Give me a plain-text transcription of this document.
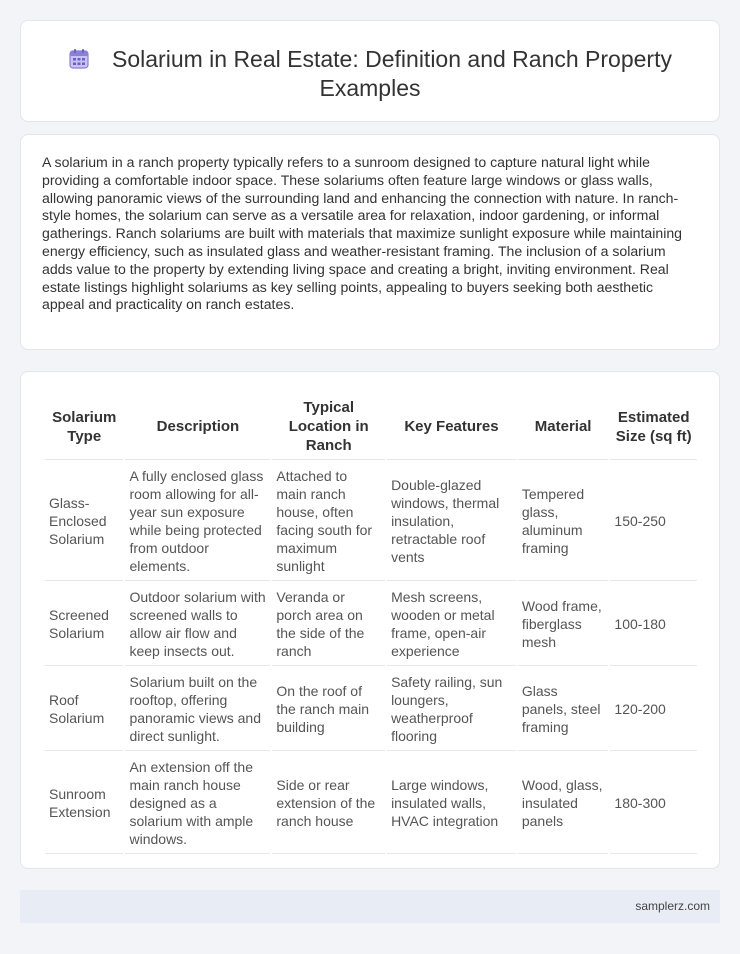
Solarium in Real Estate: Definition and Ranch Property Examples

A solarium in a ranch property typically refers to a sunroom designed to capture natural light while providing a comfortable indoor space. These solariums often feature large windows or glass walls, allowing panoramic views of the surrounding land and enhancing the connection with nature. In ranch-style homes, the solarium can serve as a versatile area for relaxation, indoor gardening, or informal gatherings. Ranch solariums are built with materials that maximize sunlight exposure while maintaining energy efficiency, such as insulated glass and weather-resistant framing. The inclusion of a solarium adds value to the property by extending living space and creating a bright, inviting environment. Real estate listings highlight solariums as key selling points, appealing to buyers seeking both aesthetic appeal and practicality on ranch estates.

Solarium Type	Description	Typical Location in Ranch	Key Features	Material	Estimated Size (sq ft)
Glass-Enclosed Solarium	A fully enclosed glass room allowing for all-year sun exposure while being protected from outdoor elements.	Attached to main ranch house, often facing south for maximum sunlight	Double-glazed windows, thermal insulation, retractable roof vents	Tempered glass, aluminum framing	150-250
Screened Solarium	Outdoor solarium with screened walls to allow air flow and keep insects out.	Veranda or porch area on the side of the ranch	Mesh screens, wooden or metal frame, open-air experience	Wood frame, fiberglass mesh	100-180
Roof Solarium	Solarium built on the rooftop, offering panoramic views and direct sunlight.	On the roof of the ranch main building	Safety railing, sun loungers, weatherproof flooring	Glass panels, steel framing	120-200
Sunroom Extension	An extension off the main ranch house designed as a solarium with ample windows.	Side or rear extension of the ranch house	Large windows, insulated walls, HVAC integration	Wood, glass, insulated panels	180-300
samplerz.com
